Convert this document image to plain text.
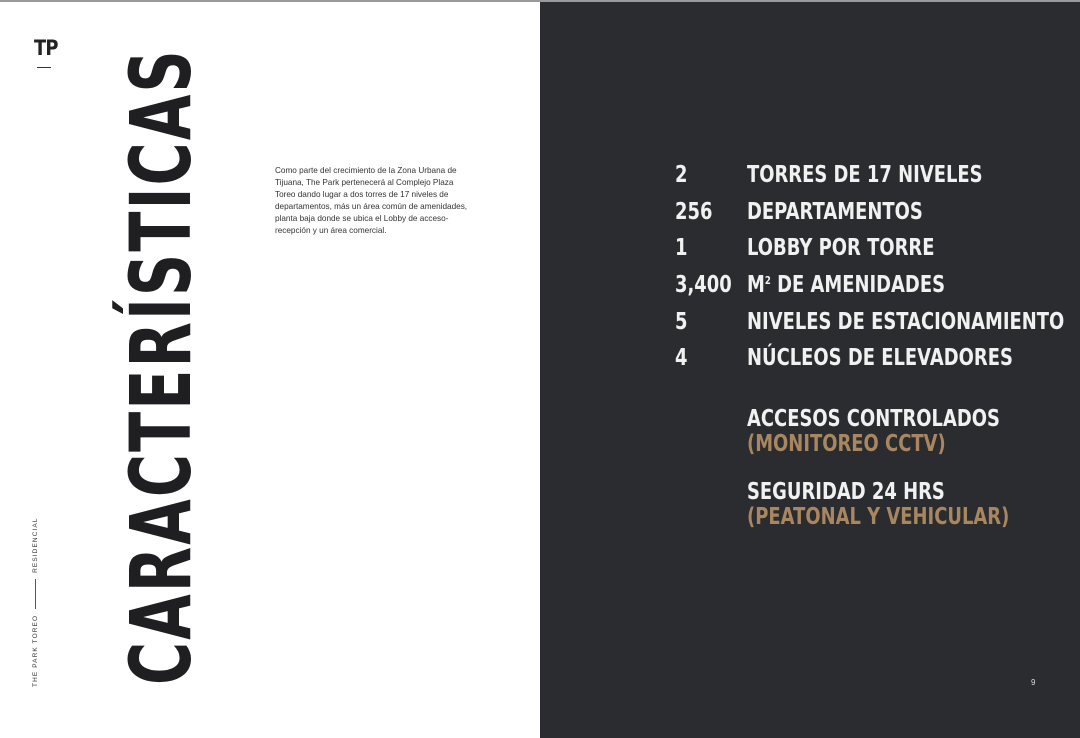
TP
THE PARK TOREO
RESIDENCIAL CARACTERÍSTICAS	Como parte del crecimiento de la Zona Urbana de Tijuana, The Park pertenecerá al Complejo Plaza Toreo dando lugar a dos torres de 17 niveles de departamentos, más un área común de amenidades, planta baja donde se ubica el Lobby de acceso-recepción y un área comercial.
2	TORRES DE 17 NIVELES
256 DEPARTAMENTOS
1	LOBBY POR TORRE
3,400 $M^2$ DE AMENIDADES
5	NIVELES DE ESTACIONAMIENTO
4	NÚCLEOS DE ELEVADORES
ACCESOS CONTROLADOS
(MONITOREO CCTV)
SEGURIDAD 24 HRS
(PEATONAL Y VEHICULAR)
9
